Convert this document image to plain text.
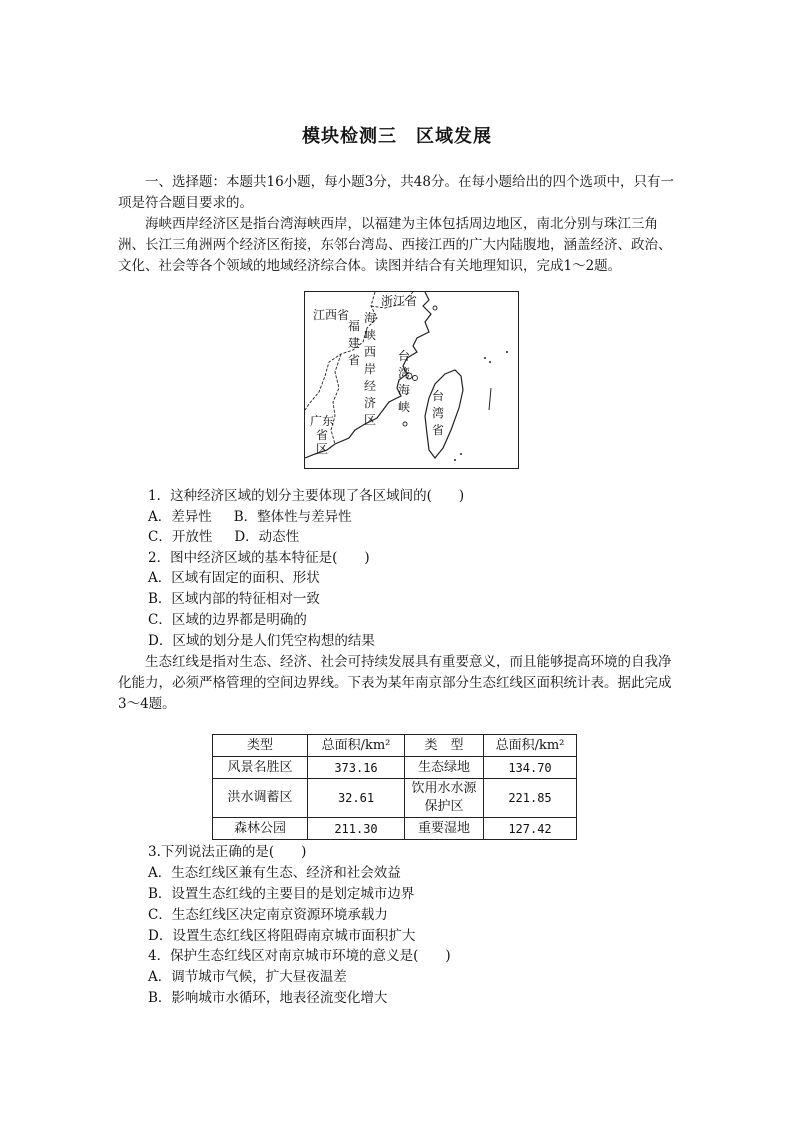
模块检测三　区域发展

一、选择题：本题共16小题，每小题3分，共48分。在每小题给出的四个选项中，只有一项是符合题目要求的。

海峡西岸经济区是指台湾海峡西岸，以福建为主体包括周边地区，南北分别与珠江三角洲、长江三角洲两个经济区衔接，东邻台湾岛、西接江西的广大内陆腹地，涵盖经济、政治、文化、社会等各个领域的地域经济综合体。读图并结合有关地理知识，完成1～2题。

浙江省
江西省
福建省
广东省
区
海峡西岸经济区
台湾海峡
台湾省
1．这种经济区域的划分主要体现了各区域间的(　　)
A．差异性 B．整体性与差异性
C．开放性 D．动态性
2．图中经济区域的基本特征是(　　)
A．区域有固定的面积、形状
B．区域内部的特征相对一致
C．区域的边界都是明确的
D．区域的划分是人们凭空构想的结果

生态红线是指对生态、经济、社会可持续发展具有重要意义，而且能够提高环境的自我净化能力，必须严格管理的空间边界线。下表为某年南京部分生态红线区面积统计表。据此完成3～4题。

类型	总面积/km²	类　型	总面积/km²
风景名胜区	373.16	生态绿地	134.70
洪水调蓄区	32.61	饮用水水源保护区	221.85
森林公园	211.30	重要湿地	127.42
3.下列说法正确的是(　　)
A．生态红线区兼有生态、经济和社会效益
B．设置生态红线的主要目的是划定城市边界
C．生态红线区决定南京资源环境承载力
D．设置生态红线区将阻碍南京城市面积扩大
4．保护生态红线区对南京城市环境的意义是(　　)
A．调节城市气候，扩大昼夜温差
B．影响城市水循环，地表径流变化增大
